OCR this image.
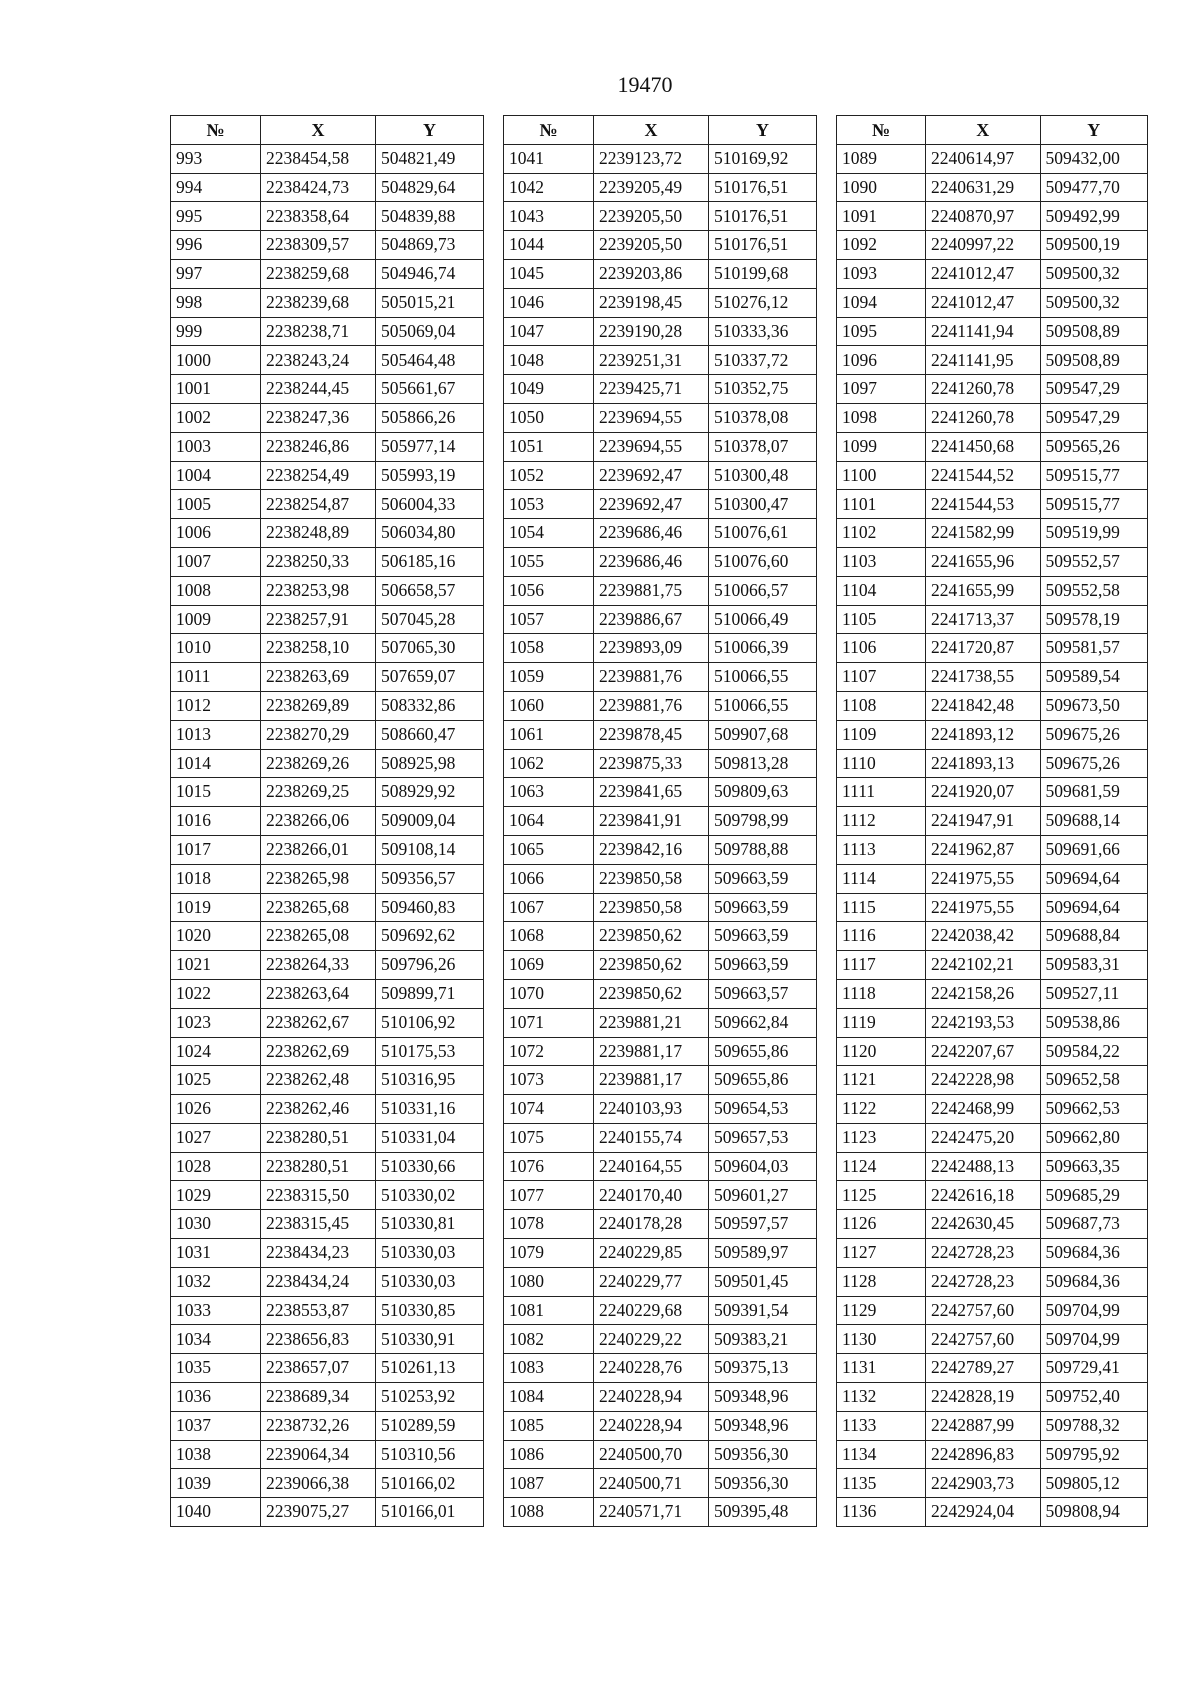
19470
№	X	Y
993	2238454,58	504821,49
994	2238424,73	504829,64
995	2238358,64	504839,88
996	2238309,57	504869,73
997	2238259,68	504946,74
998	2238239,68	505015,21
999	2238238,71	505069,04
1000	2238243,24	505464,48
1001	2238244,45	505661,67
1002	2238247,36	505866,26
1003	2238246,86	505977,14
1004	2238254,49	505993,19
1005	2238254,87	506004,33
1006	2238248,89	506034,80
1007	2238250,33	506185,16
1008	2238253,98	506658,57
1009	2238257,91	507045,28
1010	2238258,10	507065,30
1011	2238263,69	507659,07
1012	2238269,89	508332,86
1013	2238270,29	508660,47
1014	2238269,26	508925,98
1015	2238269,25	508929,92
1016	2238266,06	509009,04
1017	2238266,01	509108,14
1018	2238265,98	509356,57
1019	2238265,68	509460,83
1020	2238265,08	509692,62
1021	2238264,33	509796,26
1022	2238263,64	509899,71
1023	2238262,67	510106,92
1024	2238262,69	510175,53
1025	2238262,48	510316,95
1026	2238262,46	510331,16
1027	2238280,51	510331,04
1028	2238280,51	510330,66
1029	2238315,50	510330,02
1030	2238315,45	510330,81
1031	2238434,23	510330,03
1032	2238434,24	510330,03
1033	2238553,87	510330,85
1034	2238656,83	510330,91
1035	2238657,07	510261,13
1036	2238689,34	510253,92
1037	2238732,26	510289,59
1038	2239064,34	510310,56
1039	2239066,38	510166,02
1040	2239075,27	510166,01
№	X	Y
1041	2239123,72	510169,92
1042	2239205,49	510176,51
1043	2239205,50	510176,51
1044	2239205,50	510176,51
1045	2239203,86	510199,68
1046	2239198,45	510276,12
1047	2239190,28	510333,36
1048	2239251,31	510337,72
1049	2239425,71	510352,75
1050	2239694,55	510378,08
1051	2239694,55	510378,07
1052	2239692,47	510300,48
1053	2239692,47	510300,47
1054	2239686,46	510076,61
1055	2239686,46	510076,60
1056	2239881,75	510066,57
1057	2239886,67	510066,49
1058	2239893,09	510066,39
1059	2239881,76	510066,55
1060	2239881,76	510066,55
1061	2239878,45	509907,68
1062	2239875,33	509813,28
1063	2239841,65	509809,63
1064	2239841,91	509798,99
1065	2239842,16	509788,88
1066	2239850,58	509663,59
1067	2239850,58	509663,59
1068	2239850,62	509663,59
1069	2239850,62	509663,59
1070	2239850,62	509663,57
1071	2239881,21	509662,84
1072	2239881,17	509655,86
1073	2239881,17	509655,86
1074	2240103,93	509654,53
1075	2240155,74	509657,53
1076	2240164,55	509604,03
1077	2240170,40	509601,27
1078	2240178,28	509597,57
1079	2240229,85	509589,97
1080	2240229,77	509501,45
1081	2240229,68	509391,54
1082	2240229,22	509383,21
1083	2240228,76	509375,13
1084	2240228,94	509348,96
1085	2240228,94	509348,96
1086	2240500,70	509356,30
1087	2240500,71	509356,30
1088	2240571,71	509395,48
№	X	Y
1089	2240614,97	509432,00
1090	2240631,29	509477,70
1091	2240870,97	509492,99
1092	2240997,22	509500,19
1093	2241012,47	509500,32
1094	2241012,47	509500,32
1095	2241141,94	509508,89
1096	2241141,95	509508,89
1097	2241260,78	509547,29
1098	2241260,78	509547,29
1099	2241450,68	509565,26
1100	2241544,52	509515,77
1101	2241544,53	509515,77
1102	2241582,99	509519,99
1103	2241655,96	509552,57
1104	2241655,99	509552,58
1105	2241713,37	509578,19
1106	2241720,87	509581,57
1107	2241738,55	509589,54
1108	2241842,48	509673,50
1109	2241893,12	509675,26
1110	2241893,13	509675,26
1111	2241920,07	509681,59
1112	2241947,91	509688,14
1113	2241962,87	509691,66
1114	2241975,55	509694,64
1115	2241975,55	509694,64
1116	2242038,42	509688,84
1117	2242102,21	509583,31
1118	2242158,26	509527,11
1119	2242193,53	509538,86
1120	2242207,67	509584,22
1121	2242228,98	509652,58
1122	2242468,99	509662,53
1123	2242475,20	509662,80
1124	2242488,13	509663,35
1125	2242616,18	509685,29
1126	2242630,45	509687,73
1127	2242728,23	509684,36
1128	2242728,23	509684,36
1129	2242757,60	509704,99
1130	2242757,60	509704,99
1131	2242789,27	509729,41
1132	2242828,19	509752,40
1133	2242887,99	509788,32
1134	2242896,83	509795,92
1135	2242903,73	509805,12
1136	2242924,04	509808,94
